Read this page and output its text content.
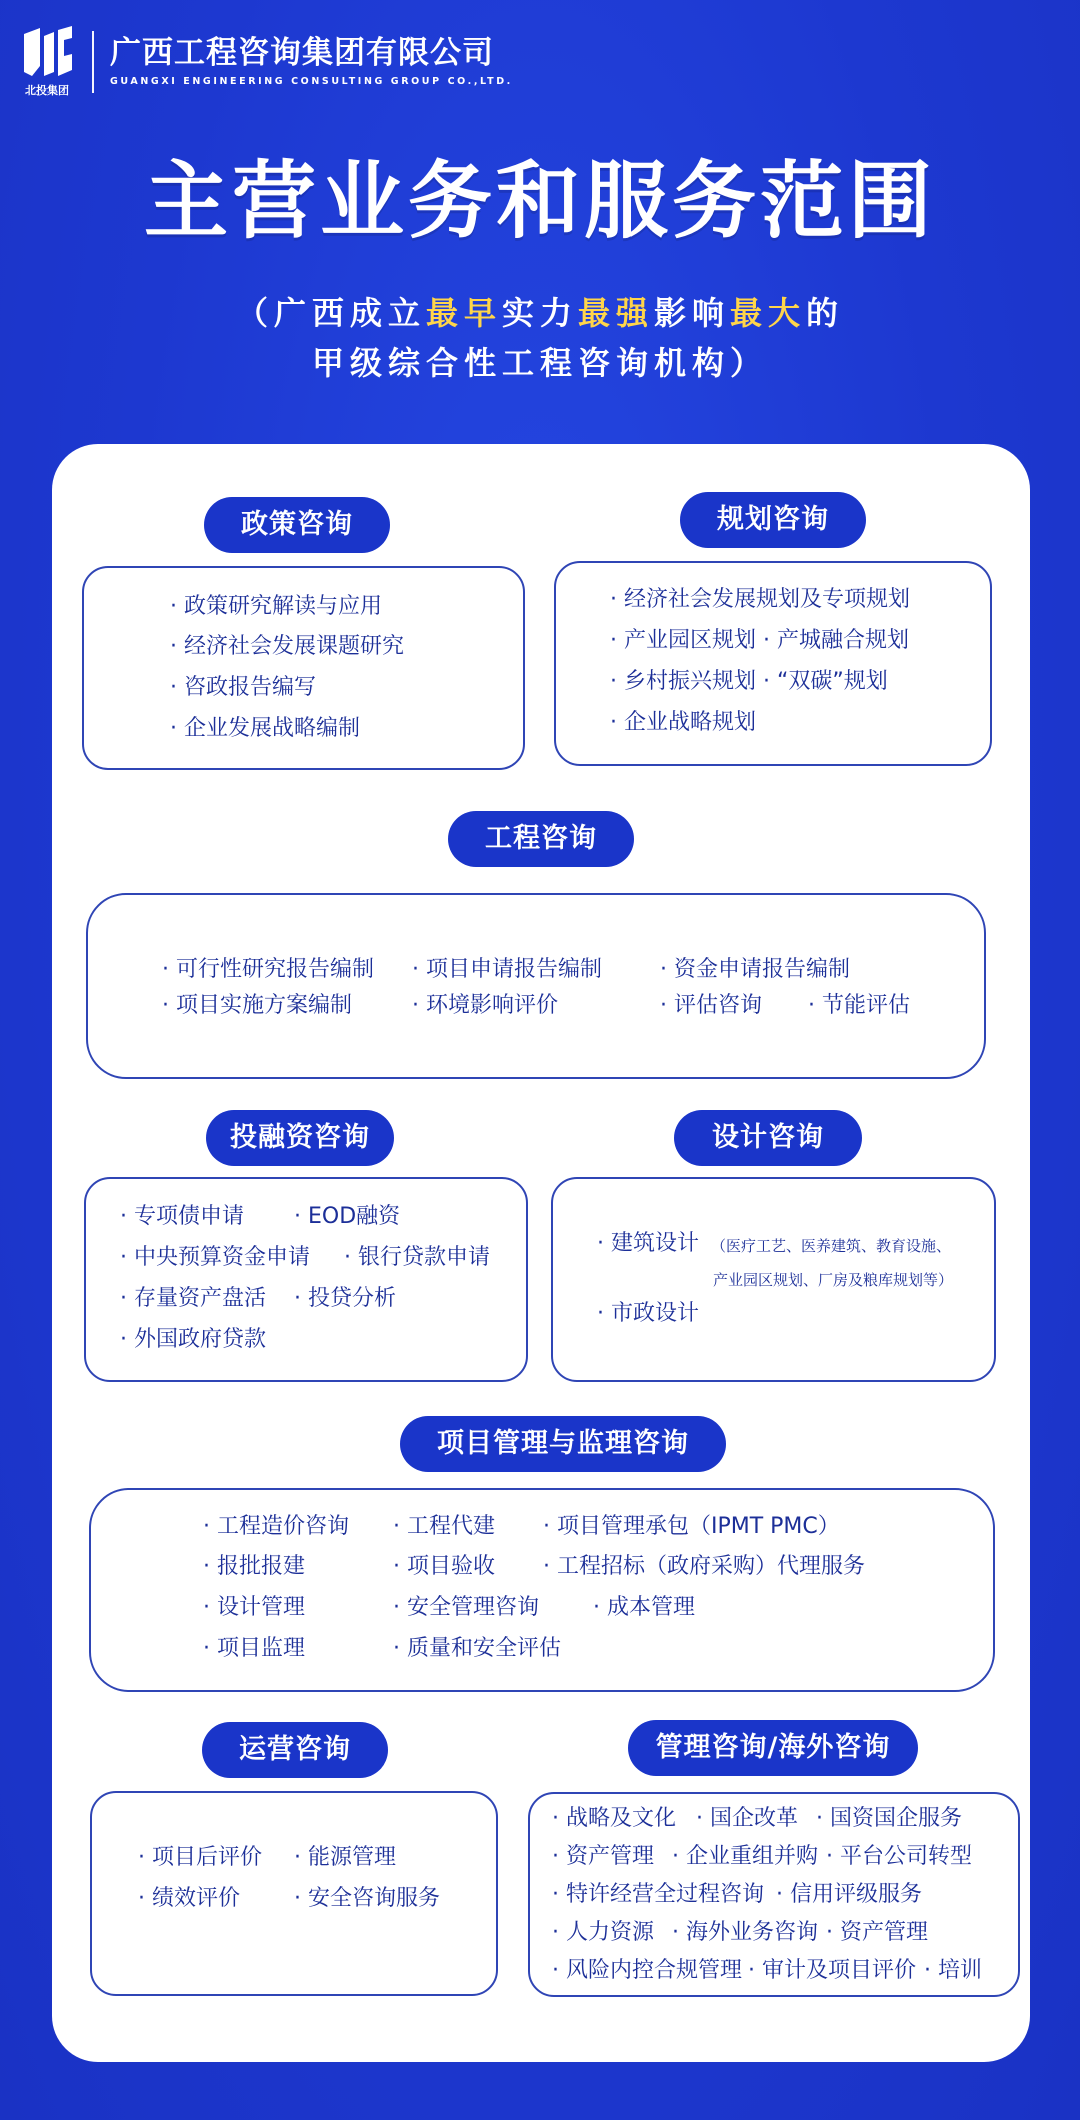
北投集团
广西工程咨询集团有限公司
GUANGXI ENGINEERING CONSULTING GROUP CO.,LTD.
主营业务和服务范围
（广西成立最早实力最强影响最大的
甲级综合性工程咨询机构）
政策咨询
· 政策研究解读与应用
· 经济社会发展课题研究
· 咨政报告编写
· 企业发展战略编制
规划咨询
· 经济社会发展规划及专项规划
· 产业园区规划 · 产城融合规划
· 乡村振兴规划 · “双碳”规划
· 企业战略规划
工程咨询
· 可行性研究报告编制 · 项目申请报告编制	· 资金申请报告编制
· 项目实施方案编制	· 环境影响评价	· 评估咨询 · 节能评估
投融资咨询
· 专项债申请 · EOD融资
· 中央预算资金申请 · 银行贷款申请
· 存量资产盘活 · 投贷分析
· 外国政府贷款
设计咨询
· 建筑设计 （医疗工艺、医养建筑、教育设施、
产业园区规划、厂房及粮库规划等）
· 市政设计
项目管理与监理咨询
· 工程造价咨询 · 工程代建 · 项目管理承包（IPMT PMC）
· 报批报建	· 项目验收 · 工程招标（政府采购）代理服务
· 设计管理	· 安全管理咨询 · 成本管理
· 项目监理	· 质量和安全评估
运营咨询
· 项目后评价 · 能源管理
· 绩效评价 · 安全咨询服务
管理咨询/海外咨询
· 战略及文化 · 国企改革 · 国资国企服务
· 资产管理 · 企业重组并购 · 平台公司转型
· 特许经营全过程咨询 · 信用评级服务
· 人力资源 · 海外业务咨询 · 资产管理
· 风险内控合规管理 · 审计及项目评价 · 培训
